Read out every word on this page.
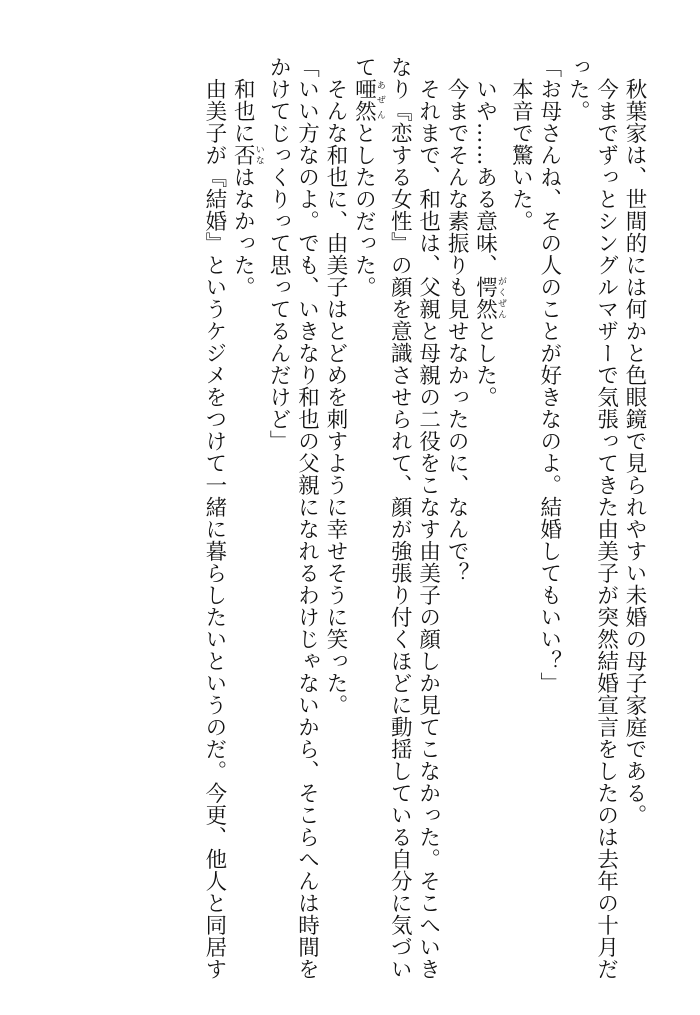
秋葉家は、世間的には何かと色眼鏡で見られやすい未婚の母子家庭である。
今までずっとシングルマザーで気張ってきた由美子が突然結婚宣言をしたのは去年の十月だ
った。
「お母さんね、その人のことが好きなのよ。結婚してもいい？」
本音で驚いた。
いや……ある意味、愕然がくぜんとした。
今までそんな素振りも見せなかったのに、なんで？
それまで、和也は、父親と母親の二役をこなす由美子の顔しか見てこなかった。そこへいき
なり『恋する女性』の顔を意識させられて、顔が強張り付くほどに動揺している自分に気づい
て唖然あぜんとしたのだった。
そんな和也に、由美子はとどめを刺すように幸せそうに笑った。
「いい方なのよ。でも、いきなり和也の父親になれるわけじゃないから、そこらへんは時間を
かけてじっくりって思ってるんだけど」
和也に否いなはなかった。
由美子が『結婚』というケジメをつけて一緒に暮らしたいというのだ。今更、他人と同居す
